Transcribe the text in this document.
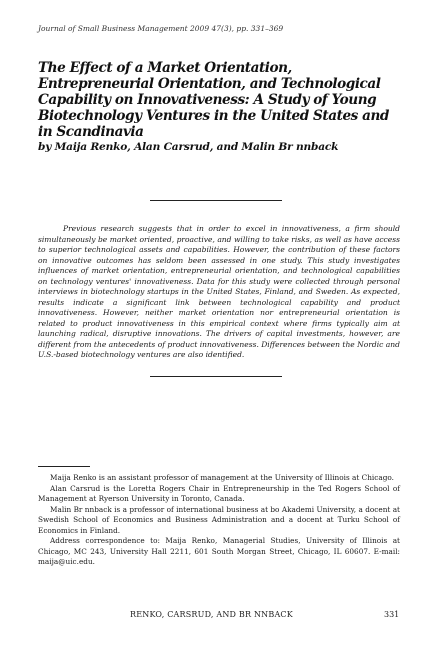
Journal of Small Business Management 2009 47(3), pp. 331–369
The Effect of a Market Orientation, Entrepreneurial Orientation, and Technological Capability on Innovativeness: A Study of Young Biotechnology Ventures in the United States and in Scandinavia
by Maija Renko, Alan Carsrud, and Malin Br nnback
Previous research suggests that in order to excel in innovativeness, a firm should simultaneously be market oriented, proactive, and willing to take risks, as well as have access to superior technological assets and capabilities. However, the contribution of these factors on innovative outcomes has seldom been assessed in one study. This study investigates influences of market orientation, entrepreneurial orientation, and technological capabilities on technology ventures' innovativeness. Data for this study were collected through personal interviews in biotechnology startups in the United States, Finland, and Sweden. As expected, results indicate a significant link between technological capability and product innovativeness. However, neither market orientation nor entrepreneurial orientation is related to product innovativeness in this empirical context where firms typically aim at launching radical, disruptive innovations. The drivers of capital investments, however, are different from the antecedents of product innovativeness. Differences between the Nordic and U.S.-based biotechnology ventures are also identified.

Maija Renko is an assistant professor of management at the University of Illinois at Chicago.

Alan Carsrud is the Loretta Rogers Chair in Entrepreneurship in the Ted Rogers School of Management at Ryerson University in Toronto, Canada.

Malin Br nnback is a professor of international business at bo Akademi University, a docent at Swedish School of Economics and Business Administration and a docent at Turku School of Economics in Finland.

Address correspondence to: Maija Renko, Managerial Studies, University of Illinois at Chicago, MC 243, University Hall 2211, 601 South Morgan Street, Chicago, IL 60607. E-mail: maija@uic.edu.

RENKO, CARSRUD, AND BR NNBACK	331
